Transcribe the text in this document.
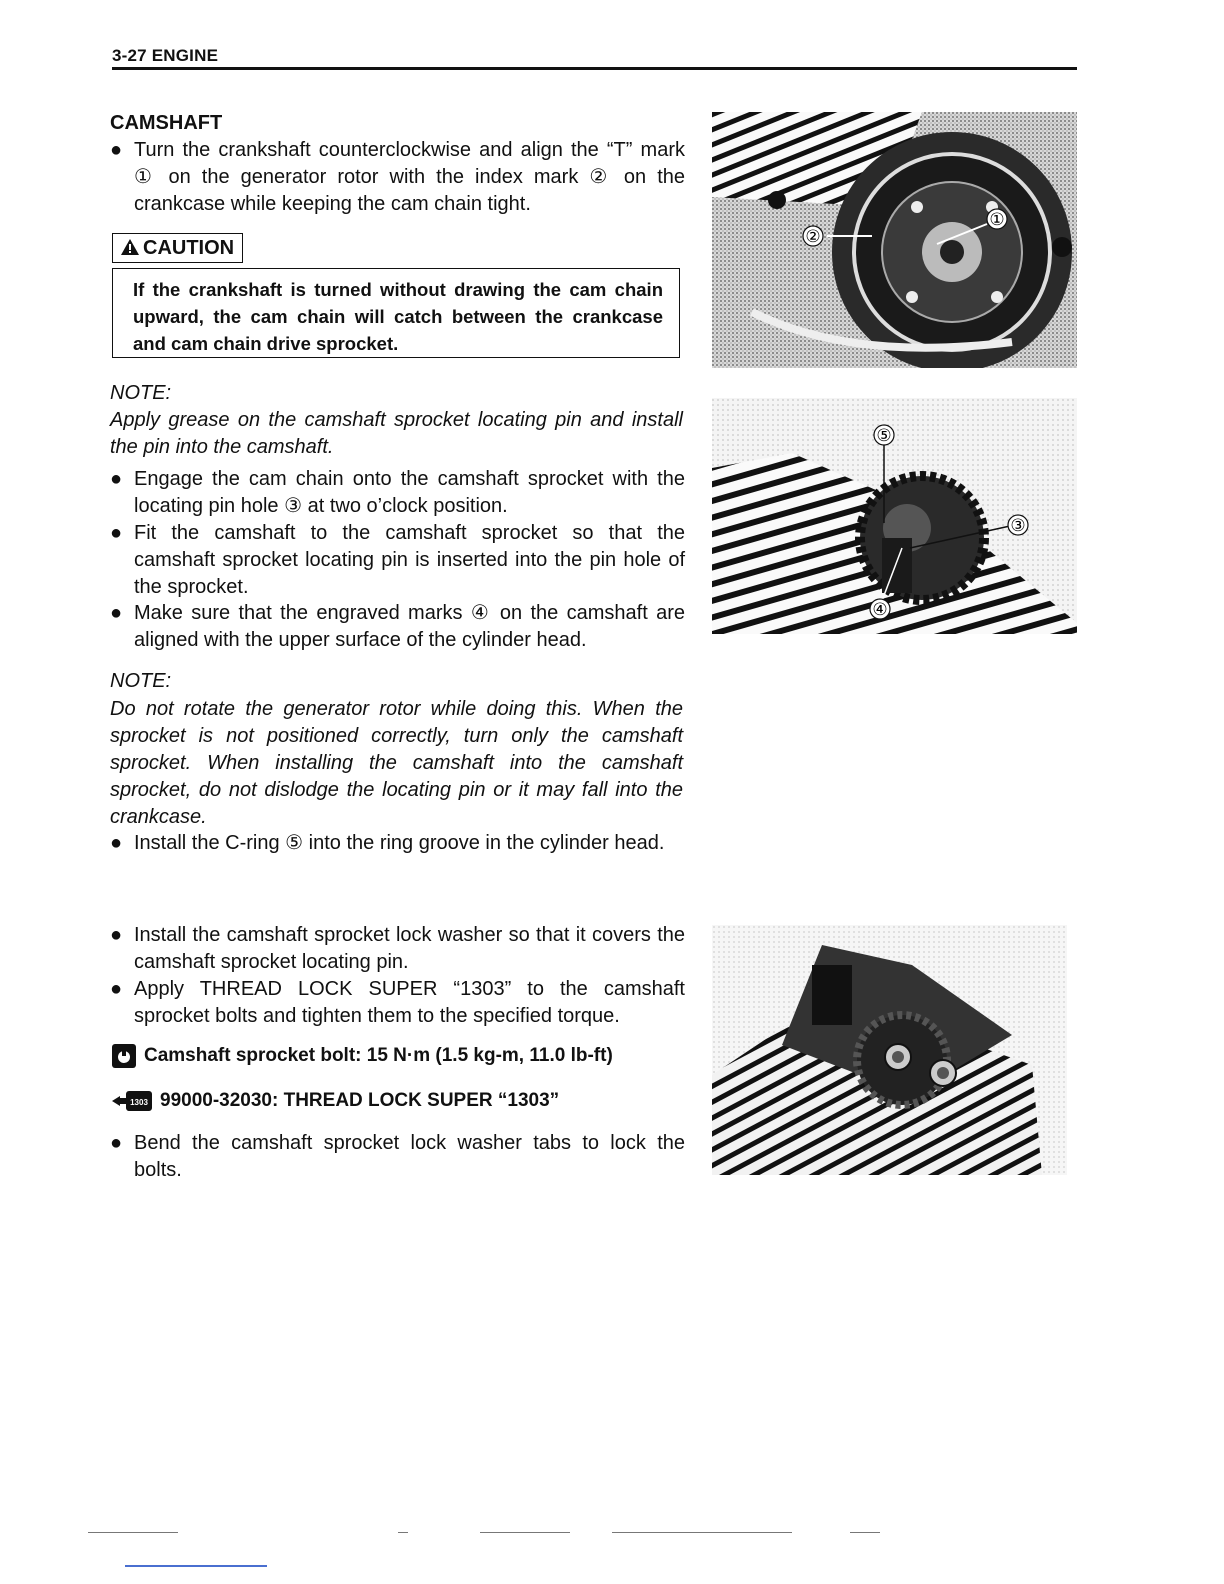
3-27 ENGINE
CAMSHAFT
● Turn the crankshaft counterclockwise and align the “T” mark ① on the generator rotor with the index mark ② on the crankcase while keeping the cam chain tight.
CAUTION
If the crankshaft is turned without drawing the cam chain upward, the cam chain will catch between the crankcase and cam chain drive sprocket.
NOTE:
Apply grease on the camshaft sprocket locating pin and install the pin into the camshaft.
● Engage the cam chain onto the camshaft sprocket with the locating pin hole ③ at two o’clock position.
● Fit the camshaft to the camshaft sprocket so that the camshaft sprocket locating pin is inserted into the pin hole of the sprocket.
● Make sure that the engraved marks ④ on the camshaft are aligned with the upper surface of the cylinder head.
NOTE:
Do not rotate the generator rotor while doing this. When the sprocket is not positioned correctly, turn only the camshaft sprocket. When installing the camshaft into the camshaft sprocket, do not dislodge the locating pin or it may fall into the crankcase.
● Install the C-ring ⑤ into the ring groove in the cylinder head.
● Install the camshaft sprocket lock washer so that it covers the camshaft sprocket locating pin.
● Apply THREAD LOCK SUPER “1303” to the camshaft sprocket bolts and tighten them to the specified torque.
Camshaft sprocket bolt: 15 N·m (1.5 kg-m, 11.0 lb-ft)
1303 99000-32030: THREAD LOCK SUPER “1303”
● Bend the camshaft sprocket lock washer tabs to lock the bolts.
①
②
⑤
③
④
